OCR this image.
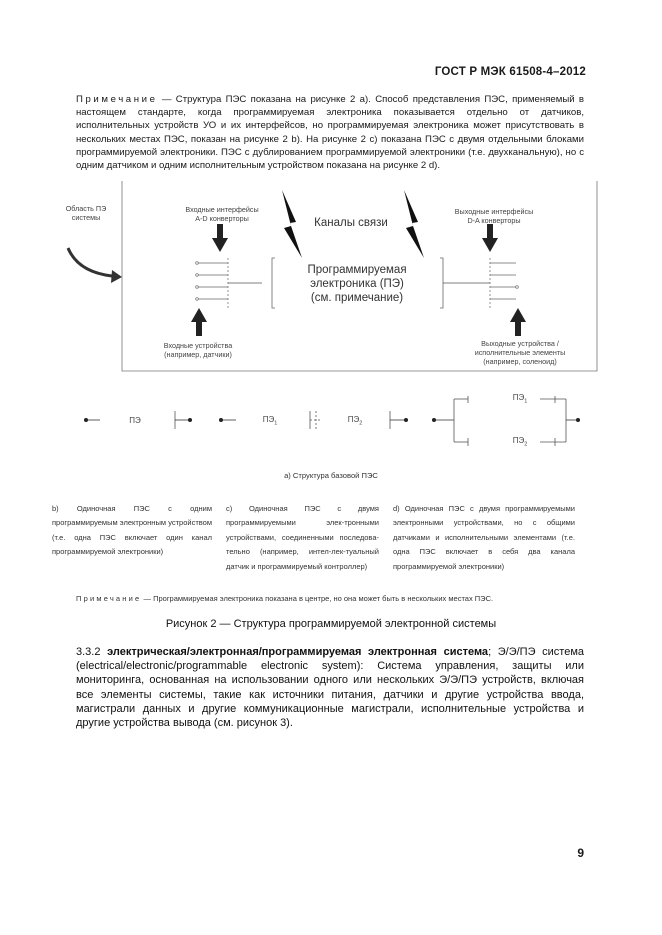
ГОСТ Р МЭК 61508-4–2012
Примечание — Структура ПЭС показана на рисунке 2 а). Способ представления ПЭС, применяемый в настоящем стандарте, когда программируемая электроника показывается отдельно от датчиков, исполнительных устройств УО и их интерфейсов, но программируемая электроника может присутствовать в нескольких местах ПЭС, показан на рисунке 2 b). На рисунке 2 с) показана ПЭС с двумя отдельными блоками программируемой электроники. ПЭС с дублированием программируемой электроники (т.е. двухканальную), но с одним датчиком и одним исполнительным устройством показана на рисунке 2 d).
Область ПЭ
системы
Входные интерфейсы
A-D конверторы	Каналы связи
Выходные интерфейсы
D-A конверторы
Программируемая
электроника (ПЭ)
(см. примечание)
Входные устройства
(например, датчики)
Выходные устройства /
исполнительные элементы
(например, соленоид)
ПЭ	$ПЭ_1$	$ПЭ_2$
$ПЭ_1$
$ПЭ_2$
а) Структура базовой ПЭС
b) Одиночная ПЭС с одним программируемым электронным устройством (т.е. одна ПЭС включает один канал программируемой электроники)
с) Одиночная ПЭС с двумя программируемыми элек-тронными устройствами, соединенными последова-тельно (например, интел-лек-туальный датчик и программируемый контроллер)
d) Одиночная ПЭС с двумя программируемыми электронными устройствами, но с общими датчиками и исполнительными элементами (т.е. одна ПЭС включает в себя два канала программируемой электроники)
Примечание — Программируемая электроника показана в центре, но она может быть в нескольких местах ПЭС.
Рисунок 2 — Структура программируемой электронной системы
3.3.2 электрическая/электронная/программируемая электронная система; Э/Э/ПЭ система (electrical/electronic/programmable electronic system): Система управления, защиты или мониторинга, основанная на использовании одного или нескольких Э/Э/ПЭ устройств, включая все элементы системы, такие как источники питания, датчики и другие устройства ввода, магистрали данных и другие коммуникационные магистрали, исполнительные устройства и другие устройства вывода (см. рисунок 3).
9
